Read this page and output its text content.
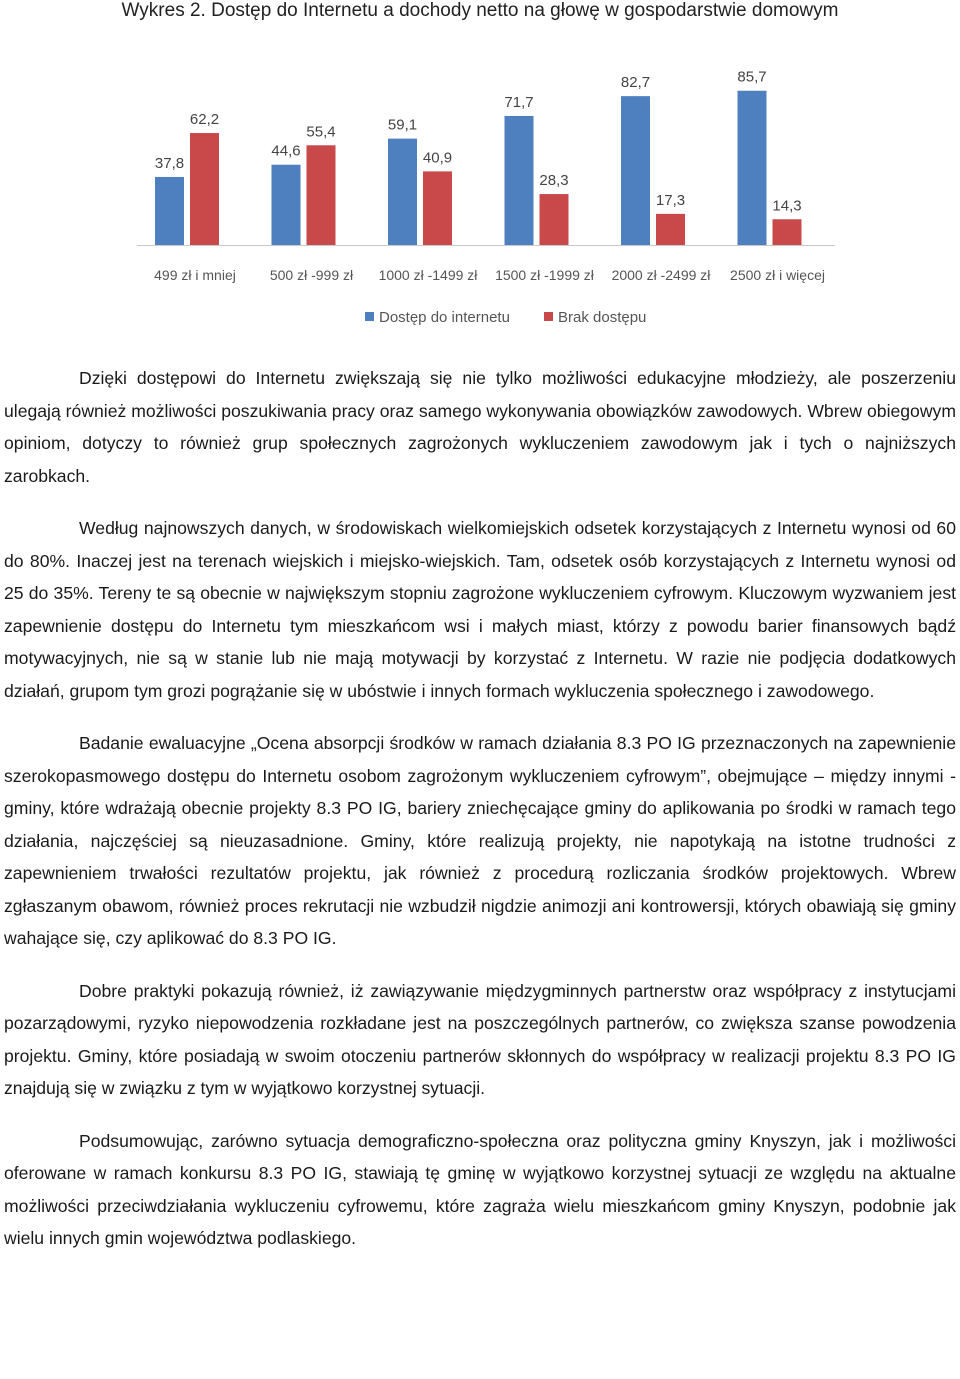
Wykres 2. Dostęp do Internetu a dochody netto na głowę w gospodarstwie domowym
37,8
62,2
44,6
55,4	59,1
40,9
71,7
28,3
82,7
17,3
85,7
14,3
499 zł i mniej 500 zł -999 zł 1000 zł -1499 zł 1500 zł -1999 zł 2000 zł -2499 zł 2500 zł i więcej
Dostęp do internetu	Brak dostępu

Dzięki dostępowi do Internetu zwiększają się nie tylko możliwości edukacyjne młodzieży, ale poszerzeniu ulegają również możliwości poszukiwania pracy oraz samego wykonywania obowiązków zawodowych. Wbrew obiegowym opiniom, dotyczy to również grup społecznych zagrożonych wykluczeniem zawodowym jak i tych o najniższych zarobkach.

Według najnowszych danych, w środowiskach wielkomiejskich odsetek korzystających z Internetu wynosi od 60 do 80%. Inaczej jest na terenach wiejskich i miejsko-wiejskich. Tam, odsetek osób korzystających z Internetu wynosi od 25 do 35%. Tereny te są obecnie w największym stopniu zagrożone wykluczeniem cyfrowym. Kluczowym wyzwaniem jest zapewnienie dostępu do Internetu tym mieszkańcom wsi i małych miast, którzy z powodu barier finansowych bądź motywacyjnych, nie są w stanie lub nie mają motywacji by korzystać z Internetu. W razie nie podjęcia dodatkowych działań, grupom tym grozi pogrążanie się w ubóstwie i innych formach wykluczenia społecznego i zawodowego.

Badanie ewaluacyjne „Ocena absorpcji środków w ramach działania 8.3 PO IG przeznaczonych na zapewnienie szerokopasmowego dostępu do Internetu osobom zagrożonym wykluczeniem cyfrowym”, obejmujące – między innymi - gminy, które wdrażają obecnie projekty 8.3 PO IG, bariery zniechęcające gminy do aplikowania po środki w ramach tego działania, najczęściej są nieuzasadnione. Gminy, które realizują projekty, nie napotykają na istotne trudności z zapewnieniem trwałości rezultatów projektu, jak również z procedurą rozliczania środków projektowych. Wbrew zgłaszanym obawom, również proces rekrutacji nie wzbudził nigdzie animozji ani kontrowersji, których obawiają się gminy wahające się, czy aplikować do 8.3 PO IG.

Dobre praktyki pokazują również, iż zawiązywanie międzygminnych partnerstw oraz współpracy z instytucjami pozarządowymi, ryzyko niepowodzenia rozkładane jest na poszczególnych partnerów, co zwiększa szanse powodzenia projektu. Gminy, które posiadają w swoim otoczeniu partnerów skłonnych do współpracy w realizacji projektu 8.3 PO IG znajdują się w związku z tym w wyjątkowo korzystnej sytuacji.

Podsumowując, zarówno sytuacja demograficzno-społeczna oraz polityczna gminy Knyszyn, jak i możliwości oferowane w ramach konkursu 8.3 PO IG, stawiają tę gminę w wyjątkowo korzystnej sytuacji ze względu na aktualne możliwości przeciwdziałania wykluczeniu cyfrowemu, które zagraża wielu mieszkańcom gminy Knyszyn, podobnie jak wielu innych gmin województwa podlaskiego.
